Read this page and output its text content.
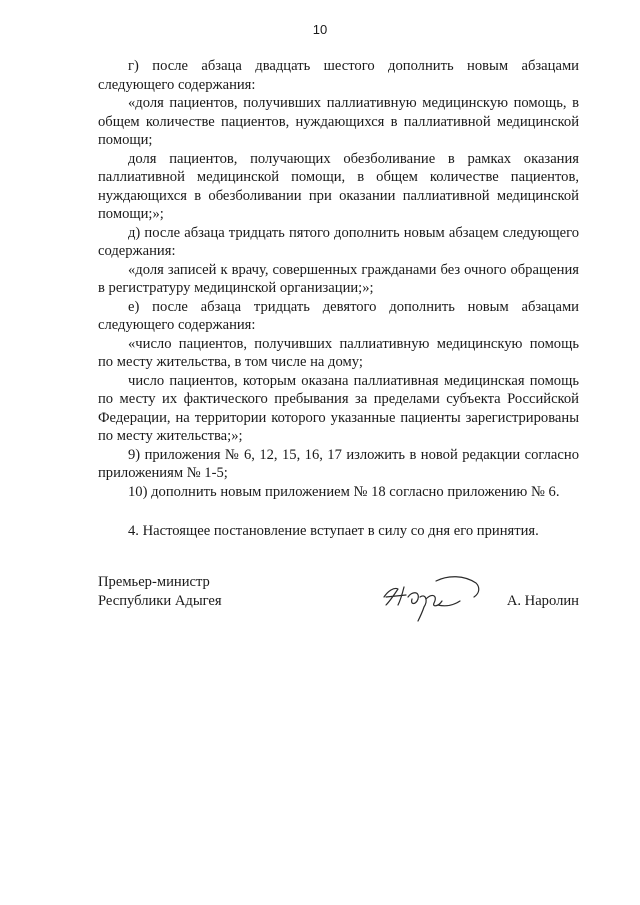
10

г) после абзаца двадцать шестого дополнить новым абзацами следующего содержания:

«доля пациентов, получивших паллиативную медицинскую помощь, в общем количестве пациентов, нуждающихся в паллиативной медицинской помощи;

доля пациентов, получающих обезболивание в рамках оказания паллиативной медицинской помощи, в общем количестве пациентов, нуждающихся в обезболивании при оказании паллиативной медицинской помощи;»;

д) после абзаца тридцать пятого дополнить новым абзацем следующего содержания:

«доля записей к врачу, совершенных гражданами без очного обращения в регистратуру медицинской организации;»;

е) после абзаца тридцать девятого дополнить новым абзацами следующего содержания:

«число пациентов, получивших паллиативную медицинскую помощь по месту жительства, в том числе на дому;

число пациентов, которым оказана паллиативная медицинская помощь по месту их фактического пребывания за пределами субъекта Российской Федерации, на территории которого указанные пациенты зарегистрированы по месту жительства;»;

9) приложения № 6, 12, 15, 16, 17 изложить в новой редакции согласно приложениям № 1-5;

10) дополнить новым приложением № 18 согласно приложению № 6.

4. Настоящее постановление вступает в силу со дня его принятия.

Премьер-министр
Республики Адыгея	А. Наролин
